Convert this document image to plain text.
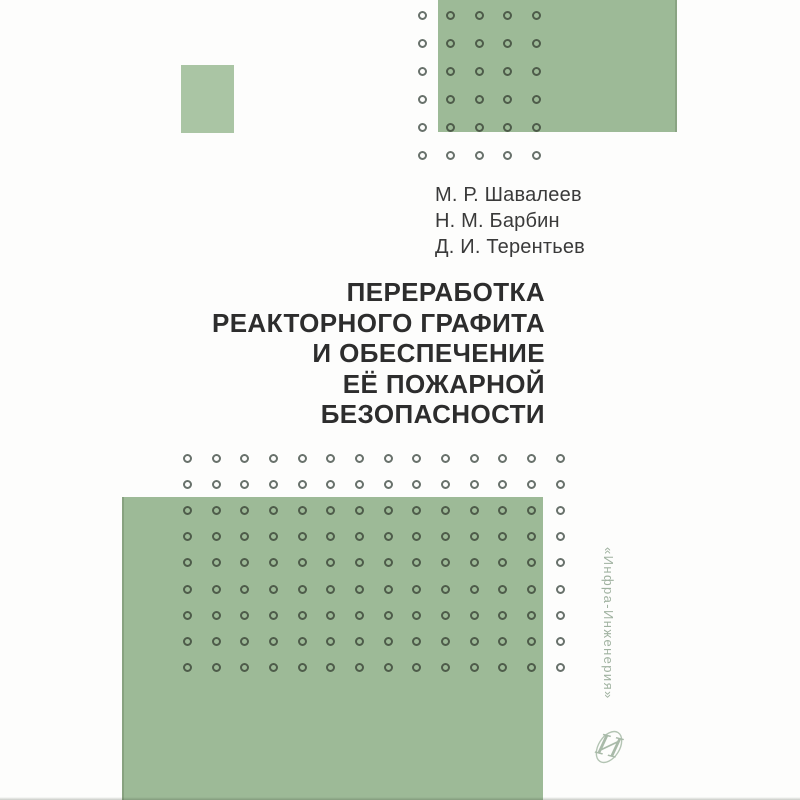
М. Р. Шавалеев
Н. М. Барбин
Д. И. Терентьев
ПЕРЕРАБОТКА
РЕАКТОРНОГО ГРАФИТА
И ОБЕСПЕЧЕНИЕ
ЕЁ ПОЖАРНОЙ
БЕЗОПАСНОСТИ
«Инфра-Инженерия»
И
